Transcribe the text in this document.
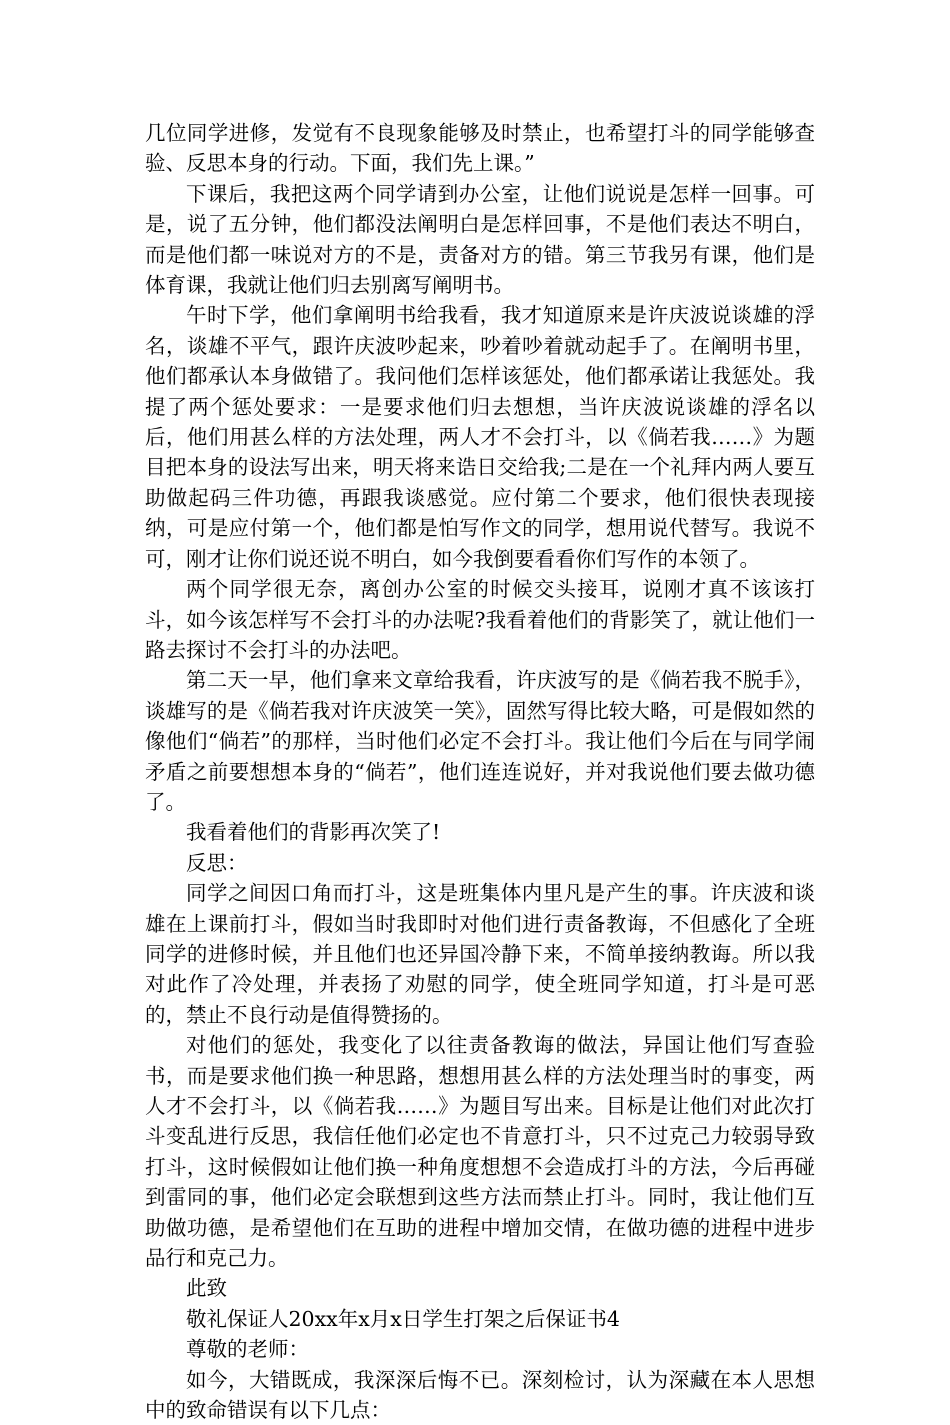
几位同学进修，发觉有不良现象能够及时禁止，也希望打斗的同学能够查验、反思本身的行动。下面，我们先上课。”

下课后，我把这两个同学请到办公室，让他们说说是怎样一回事。可是，说了五分钟，他们都没法阐明白是怎样回事，不是他们表达不明白，而是他们都一味说对方的不是，责备对方的错。第三节我另有课，他们是体育课，我就让他们归去别离写阐明书。

午时下学，他们拿阐明书给我看，我才知道原来是许庆波说谈雄的浮名，谈雄不平气，跟许庆波吵起来，吵着吵着就动起手了。在阐明书里，他们都承认本身做错了。我问他们怎样该惩处，他们都承诺让我惩处。我提了两个惩处要求：一是要求他们归去想想，当许庆波说谈雄的浮名以后，他们用甚么样的方法处理，两人才不会打斗，以《倘若我……》为题目把本身的设法写出来，明天将来诰日交给我;二是在一个礼拜内两人要互助做起码三件功德，再跟我谈感觉。应付第二个要求，他们很快表现接纳，可是应付第一个，他们都是怕写作文的同学，想用说代替写。我说不可，刚才让你们说还说不明白，如今我倒要看看你们写作的本领了。

两个同学很无奈，离创办公室的时候交头接耳，说刚才真不该该打斗，如今该怎样写不会打斗的办法呢?我看着他们的背影笑了，就让他们一路去探讨不会打斗的办法吧。

第二天一早，他们拿来文章给我看，许庆波写的是《倘若我不脱手》，谈雄写的是《倘若我对许庆波笑一笑》，固然写得比较大略，可是假如然的像他们“倘若”的那样，当时他们必定不会打斗。我让他们今后在与同学闹矛盾之前要想想本身的“倘若”，他们连连说好，并对我说他们要去做功德了。

我看着他们的背影再次笑了!

反思：

同学之间因口角而打斗，这是班集体内里凡是产生的事。许庆波和谈雄在上课前打斗，假如当时我即时对他们进行责备教诲，不但感化了全班同学的进修时候，并且他们也还异国冷静下来，不简单接纳教诲。所以我对此作了冷处理，并表扬了劝慰的同学，使全班同学知道，打斗是可恶的，禁止不良行动是值得赞扬的。

对他们的惩处，我变化了以往责备教诲的做法，异国让他们写查验书，而是要求他们换一种思路，想想用甚么样的方法处理当时的事变，两人才不会打斗，以《倘若我……》为题目写出来。目标是让他们对此次打斗变乱进行反思，我信任他们必定也不肯意打斗，只不过克己力较弱导致打斗，这时候假如让他们换一种角度想想不会造成打斗的方法，今后再碰到雷同的事，他们必定会联想到这些方法而禁止打斗。同时，我让他们互助做功德，是希望他们在互助的进程中增加交情，在做功德的进程中进步品行和克己力。

此致

敬礼保证人20xx年x月x日学生打架之后保证书4

尊敬的老师：

如今，大错既成，我深深后悔不已。深刻检讨，认为深藏在本人思想中的致命错误有以下几点：
